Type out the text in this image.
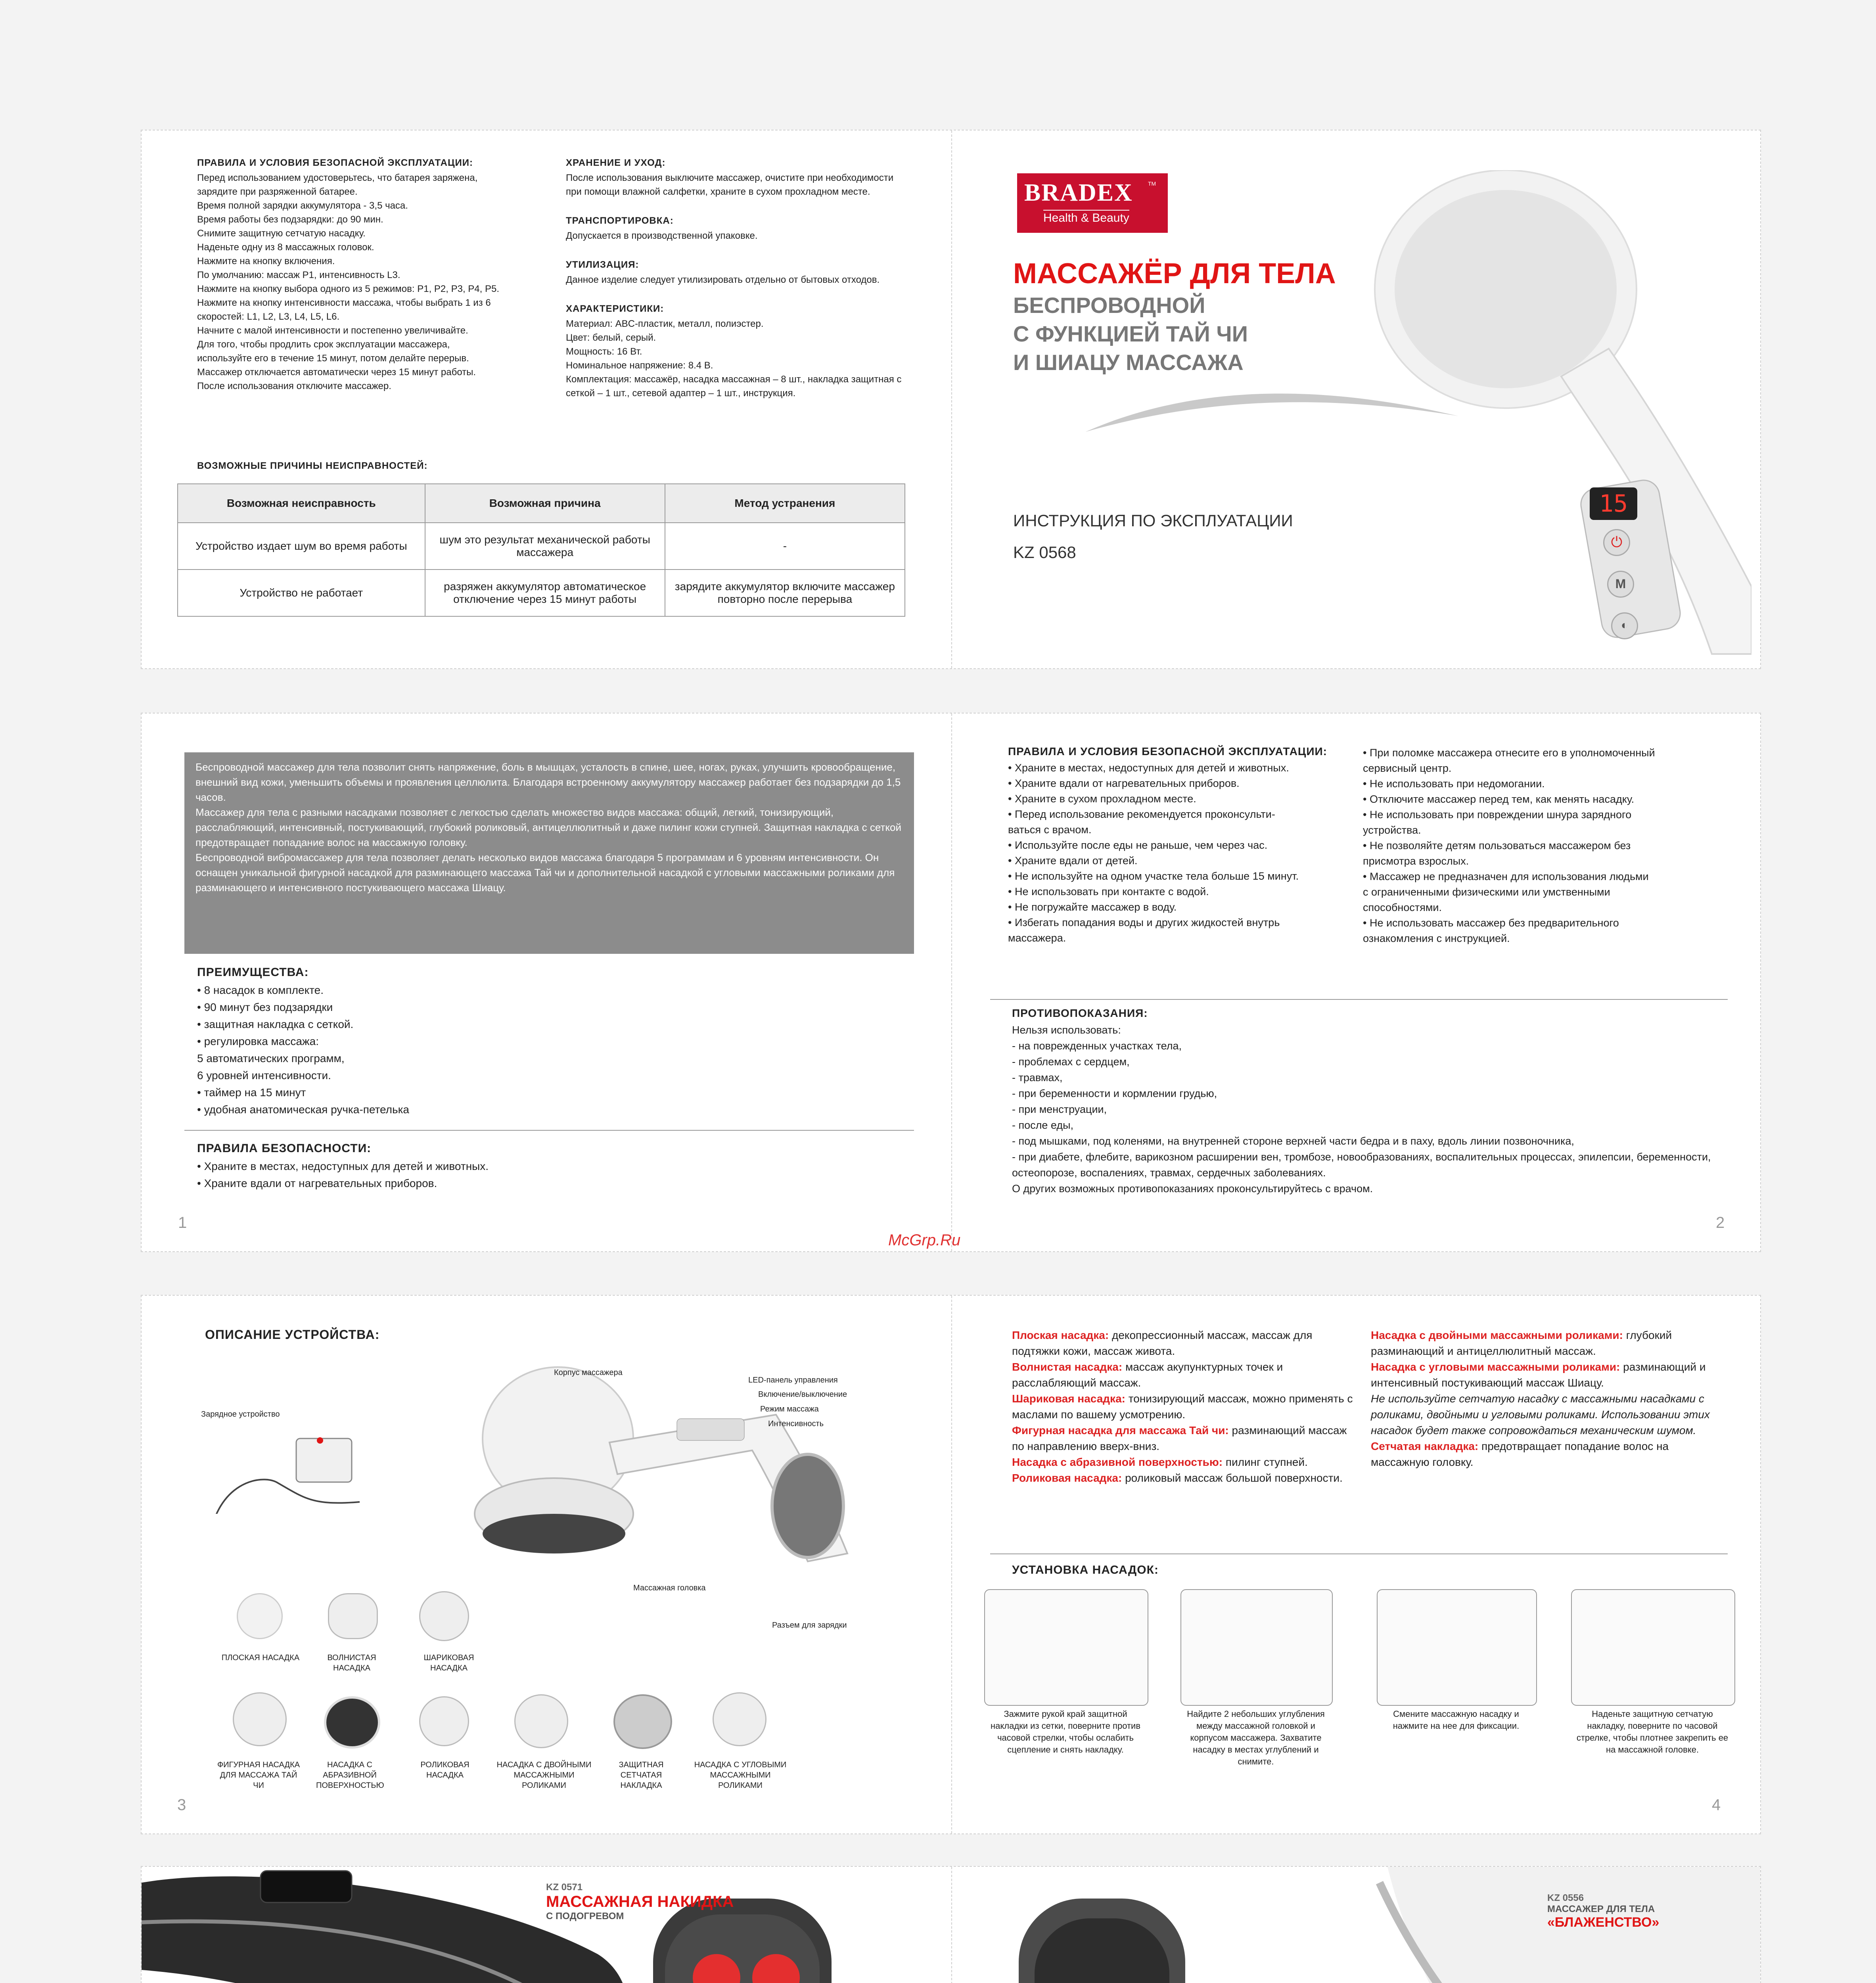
ПРАВИЛА И УСЛОВИЯ БЕЗОПАСНОЙ ЭКСПЛУАТАЦИИ:

Перед использованием удостоверьтесь, что батарея заряжена,

зарядите при разряженной батарее.

Время полной зарядки аккумулятора - 3,5 часа.

Время работы без подзарядки: до 90 мин.

Снимите защитную сетчатую насадку.

Наденьте одну из 8 массажных головок.

Нажмите на кнопку включения.

По умолчанию: массаж P1, интенсивность L3.

Нажмите на кнопку выбора одного из 5 режимов: P1, P2, P3, P4, P5.

Нажмите на кнопку интенсивности массажа, чтобы выбрать 1 из 6

скоростей: L1, L2, L3, L4, L5, L6.

Начните с малой интенсивности и постепенно увеличивайте.

Для того, чтобы продлить срок эксплуатации массажера,

используйте его в течение 15 минут, потом делайте перерыв.

Массажер отключается автоматически через 15 минут работы.

После использования отключите массажер.

ХРАНЕНИЕ И УХОД:
После использования выключите массажер, очистите при необходимости при помощи влажной салфетки, храните в сухом прохладном месте.
ТРАНСПОРТИРОВКА:
Допускается в производственной упаковке.
УТИЛИЗАЦИЯ:
Данное изделие следует утилизировать отдельно от бытовых отходов.
ХАРАКТЕРИСТИКИ:

Материал: ABC-пластик, металл, полиэстер.

Цвет: белый, серый.

Мощность: 16 Вт.

Номинальное напряжение: 8.4 В.

Комплектация: массажёр, насадка массажная – 8 шт., накладка защитная с сеткой – 1 шт., сетевой адаптер – 1 шт., инструкция.

ВОЗМОЖНЫЕ ПРИЧИНЫ НЕИСПРАВНОСТЕЙ:
Возможная неисправность	Возможная причина	Метод устранения
Устройство издает шум во время работы	шум это результат механической работы массажера	-
Устройство не работает	разряжен аккумулятор автоматическое отключение через 15 минут работы	зарядите аккумулятор включите массажер повторно после перерыва
BRADEX	TM
Health & Beauty
МАССАЖЁР ДЛЯ ТЕЛА
БЕСПРОВОДНОЙ
С ФУНКЦИЕЙ ТАЙ ЧИ
И ШИАЦУ МАССАЖА
ИНСТРУКЦИЯ ПО ЭКСПЛУАТАЦИИ
KZ 0568
15
⏻
M
◐

Беспроводной массажер для тела позволит снять напряжение, боль в мышцах, усталость в спине, шее, ногах, руках, улучшить кровообращение, внешний вид кожи, уменьшить объемы и проявления целлюлита. Благодаря встроенному аккумулятору массажер работает без подзарядки до 1,5 часов.

Массажер для тела с разными насадками позволяет с легкостью сделать множество видов массажа: общий, легкий, тонизирующий, расслабляющий, интенсивный, постукивающий, глубокий роликовый, антицеллюлитный и даже пилинг кожи ступней. Защитная накладка с сеткой предотвращает попадание волос на массажную головку.

Беспроводной вибромассажер для тела позволяет делать несколько видов массажа благодаря 5 программам и 6 уровням интенсивности. Он оснащен уникальной фигурной насадкой для разминающего массажа Тай чи и дополнительной насадкой с угловыми массажными роликами для разминающего и интенсивного постукивающего массажа Шиацу.

ПРЕИМУЩЕСТВА:

• 8 насадок в комплекте.

• 90 минут без подзарядки

• защитная накладка с сеткой.

• регулировка массажа:

5 автоматических программ,

6 уровней интенсивности.

• таймер на 15 минут

• удобная анатомическая ручка-петелька

ПРАВИЛА БЕЗОПАСНОСТИ:

• Храните в местах, недоступных для детей и животных.

• Храните вдали от нагревательных приборов.

1
ПРАВИЛА И УСЛОВИЯ БЕЗОПАСНОЙ ЭКСПЛУАТАЦИИ:

• Храните в местах, недоступных для детей и животных.

• Храните вдали от нагревательных приборов.

• Храните в сухом прохладном месте.

• Перед использование рекомендуется проконсульти-

ваться с врачом.

• Используйте после еды не раньше, чем через час.

• Храните вдали от детей.

• Не используйте на одном участке тела больше 15 минут.

• Не использовать при контакте с водой.

• Не погружайте массажер в воду.

• Избегать попадания воды и других жидкостей внутрь

массажера.

• При поломке массажера отнесите его в уполномоченный

сервисный центр.

• Не использовать при недомогании.

• Отключите массажер перед тем, как менять насадку.

• Не использовать при повреждении шнура зарядного

устройства.

• Не позволяйте детям пользоваться массажером без

присмотра взрослых.

• Массажер не предназначен для использования людьми

с ограниченными физическими или умственными

способностями.

• Не использовать массажер без предварительного

ознакомления с инструкцией.

ПРОТИВОПОКАЗАНИЯ:

Нельзя использовать:

- на поврежденных участках тела,

- проблемах с сердцем,

- травмах,

- при беременности и кормлении грудью,

- при менструации,

- после еды,

- под мышками, под коленями, на внутренней стороне верхней части бедра и в паху, вдоль линии позвоночника,

- при диабете, флебите, варикозном расширении вен, тромбозе, новообразованиях, воспалительных процессах, эпилепсии, беременности, остеопорозе, воспалениях, травмах, сердечных заболеваниях.

О других возможных противопоказаниях проконсультируйтесь с врачом.

2
McGrp.Ru
ОПИСАНИЕ УСТРОЙСТВА:
Зарядное устройство
Корпус массажера
LED-панель управления
Включение/выключение
Режим массажа
Интенсивность
Массажная головка
Разъем для зарядки
ПЛОСКАЯ НАСАДКА	ВОЛНИСТАЯ НАСАДКА
ШАРИКОВАЯ НАСАДКА
ФИГУРНАЯ НАСАДКА ДЛЯ МАССАЖА ТАЙ ЧИ
НАСАДКА С АБРАЗИВНОЙ ПОВЕРХНОСТЬЮ
РОЛИКОВАЯ НАСАДКА
НАСАДКА С ДВОЙНЫМИ МАССАЖНЫМИ РОЛИКАМИ
ЗАЩИТНАЯ СЕТЧАТАЯ НАКЛАДКА
НАСАДКА С УГЛОВЫМИ МАССАЖНЫМИ РОЛИКАМИ
3

Плоская насадка: декопрессионный массаж, массаж для подтяжки кожи, массаж живота.

Волнистая насадка: массаж акупунктурных точек и расслабляющий массаж.

Шариковая насадка: тонизирующий массаж, можно применять с маслами по вашему усмотрению.

Фигурная насадка для массажа Тай чи: разминающий массаж по направлению вверх-вниз.

Насадка с абразивной поверхностью: пилинг ступней.

Роликовая насадка: роликовый массаж большой поверхности.

Насадка с двойными массажными роликами: глубокий разминающий и антицеллюлитный массаж.

Насадка с угловыми массажными роликами: разминающий и интенсивный постукивающий массаж Шиацу.

Не используйте сетчатую насадку с массажными насадками с роликами, двойными и угловыми роликами. Использовании этих насадок будет также сопровождаться механическим шумом.

Сетчатая накладка: предотвращает попадание волос на массажную головку.

УСТАНОВКА НАСАДОК:
Зажмите рукой край защитной накладки из сетки, поверните против часовой стрелки, чтобы ослабить сцепление и снять накладку.
Найдите 2 небольших углубления между массажной головкой и корпусом массажера. Захватите насадку в местах углублений и снимите.
Смените массажную насадку и нажмите на нее для фиксации.
Наденьте защитную сетчатую накладку, поверните по часовой стрелке, чтобы плотнее закрепить ее на массажной головке.
4
KZ 0571
МАССАЖНАЯ НАКИДКА
С ПОДОГРЕВОМ
KZ 0556
МАССАЖЕР ДЛЯ ТЕЛА
«БЛАЖЕНСТВО»
